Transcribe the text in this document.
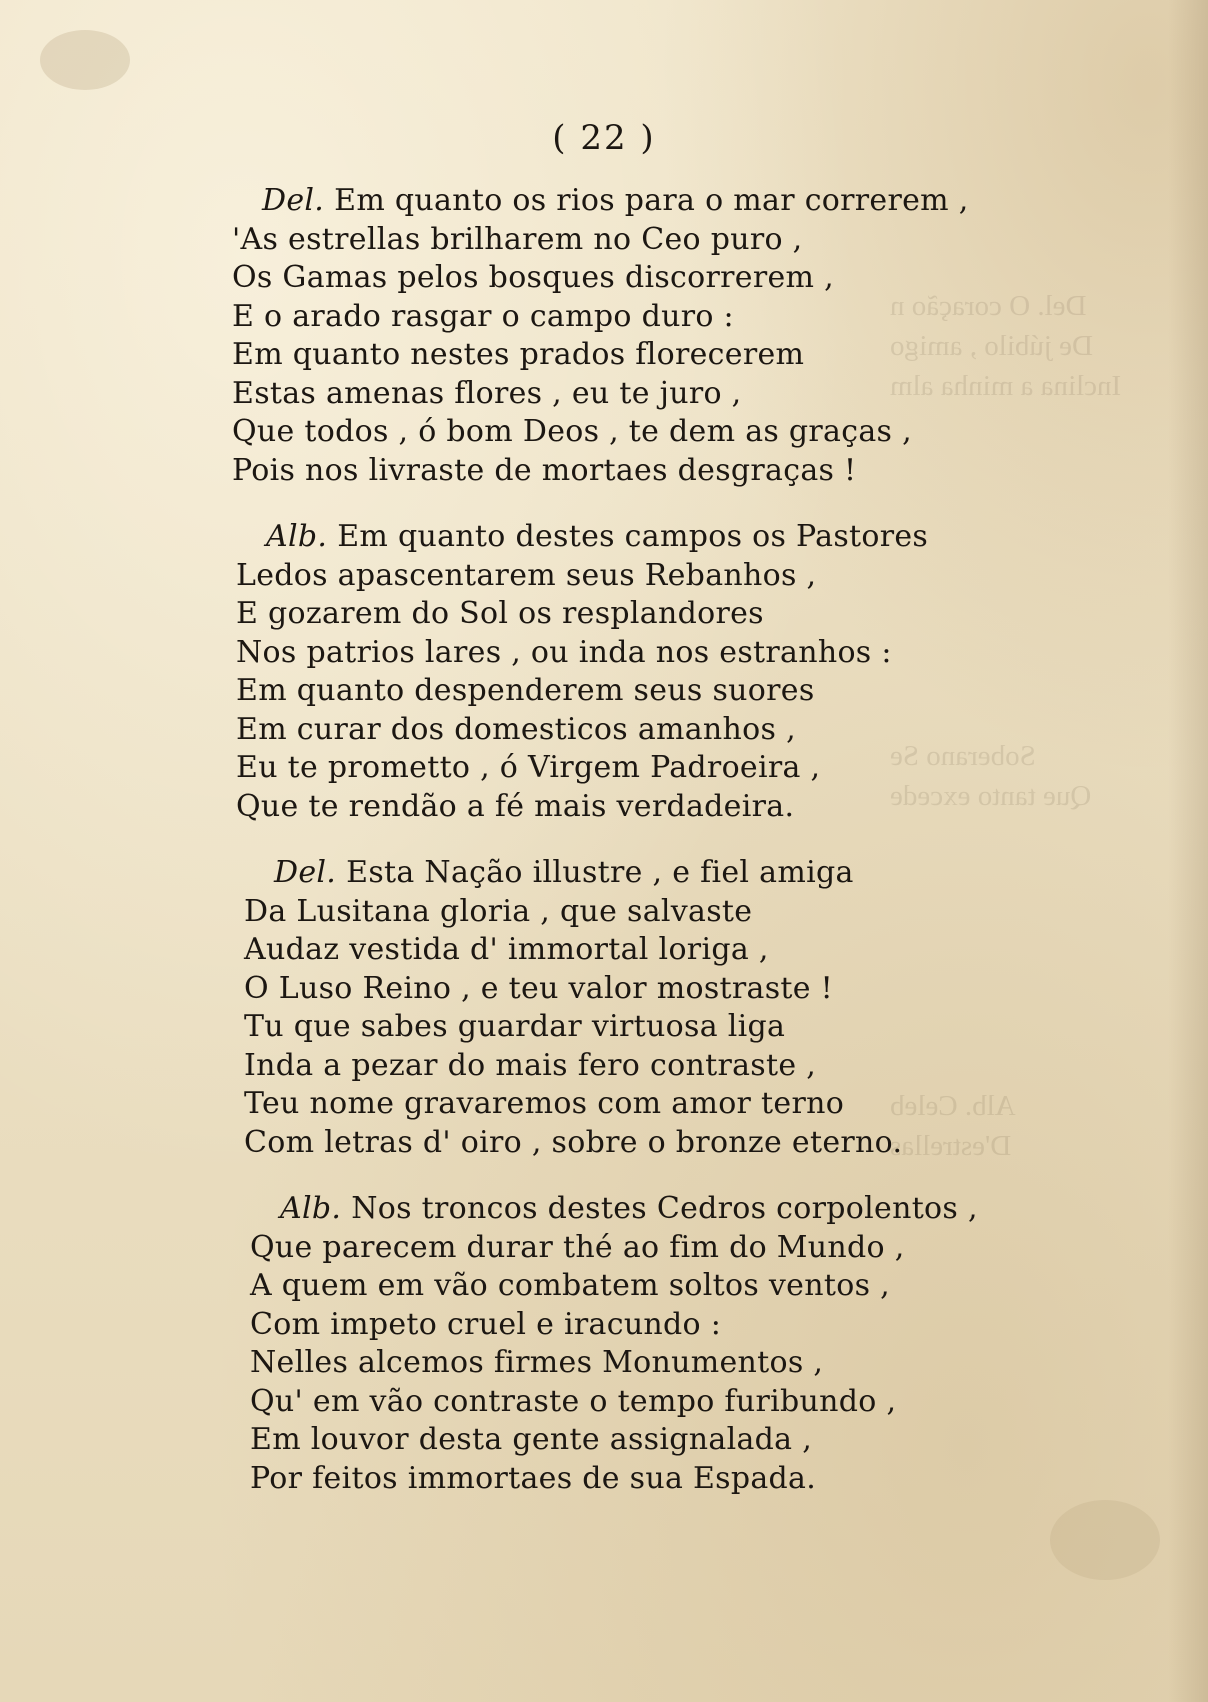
Del. O coração n
De júbilo , amigo
Inclina a minha alm
Soberano Se
Que tanto excede
Alb. Celeb
D'estrellas
( 22 )
Del. Em quanto os rios para o mar correrem ,
'As estrellas brilharem no Ceo puro ,
Os Gamas pelos bosques discorrerem ,
E o arado rasgar o campo duro :
Em quanto nestes prados florecerem
Estas amenas flores , eu te juro ,
Que todos , ó bom Deos , te dem as graças ,
Pois nos livraste de mortaes desgraças !
Alb. Em quanto destes campos os Pastores
Ledos apascentarem seus Rebanhos ,
E gozarem do Sol os resplandores
Nos patrios lares , ou inda nos estranhos :
Em quanto despenderem seus suores
Em curar dos domesticos amanhos ,
Eu te prometto , ó Virgem Padroeira ,
Que te rendão a fé mais verdadeira.
Del. Esta Nação illustre , e fiel amiga
Da Lusitana gloria , que salvaste
Audaz vestida d' immortal loriga ,
O Luso Reino , e teu valor mostraste !
Tu que sabes guardar virtuosa liga
Inda a pezar do mais fero contraste ,
Teu nome gravaremos com amor terno
Com letras d' oiro , sobre o bronze eterno.
Alb. Nos troncos destes Cedros corpolentos ,
Que parecem durar thé ao fim do Mundo ,
A quem em vão combatem soltos ventos ,
Com impeto cruel e iracundo :
Nelles alcemos firmes Monumentos ,
Qu' em vão contraste o tempo furibundo ,
Em louvor desta gente assignalada ,
Por feitos immortaes de sua Espada.
